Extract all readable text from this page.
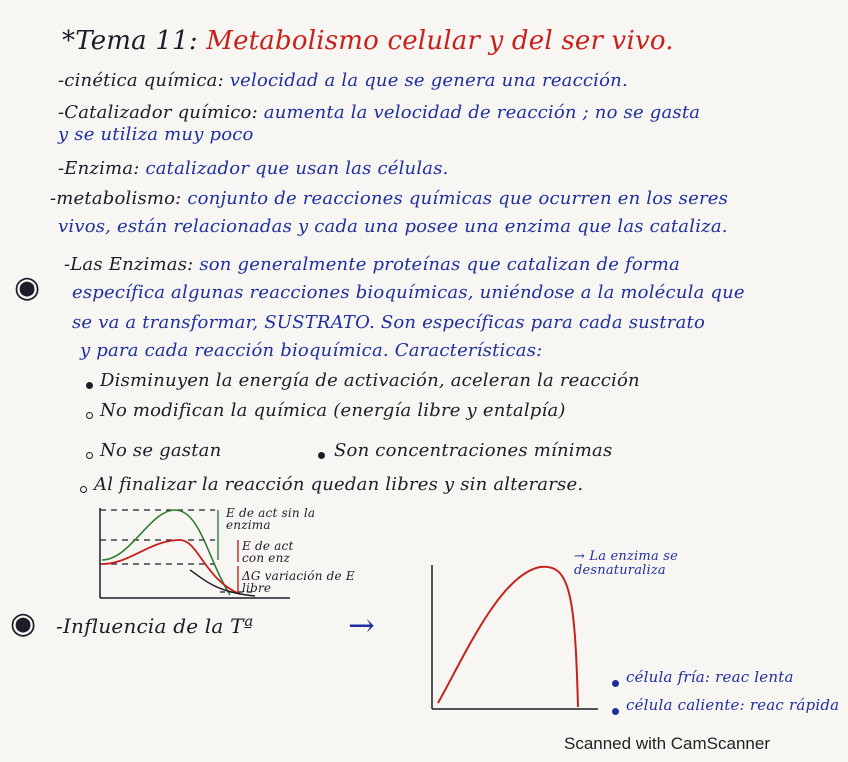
*Tema 11: Metabolismo celular y del ser vivo.
-cinética química: velocidad a la que se genera una reacción.
-Catalizador químico: aumenta la velocidad de reacción ; no se gasta
y se utiliza muy poco
-Enzima: catalizador que usan las células.
-metabolismo: conjunto de reacciones químicas que ocurren en los seres
vivos, están relacionadas y cada una posee una enzima que las cataliza.
-Las Enzimas: son generalmente proteínas que catalizan de forma
específica algunas reacciones bioquímicas, uniéndose a la molécula que
se va a transformar, SUSTRATO. Son específicas para cada sustrato
y para cada reacción bioquímica. Características:
◉
◉
Disminuyen la energía de activación, aceleran la reacción
No modifican la química (energía libre y entalpía)
No se gastan	Son concentraciones mínimas
Al finalizar la reacción quedan libres y sin alterarse.
E de act sin la enzima
E de act con enz
ΔG variación de E libre
-Influencia de la Tª	→
→ La enzima se desnaturaliza
célula fría: reac lenta
célula caliente: reac rápida
Scanned with CamScanner
